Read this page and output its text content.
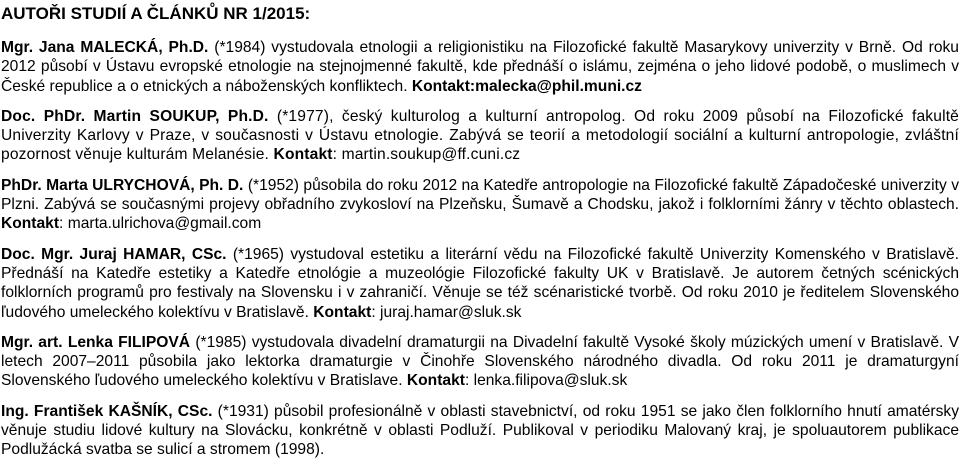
AUTOŘI STUDIÍ A ČLÁNKŮ NR 1/2015:

Mgr. Jana MALECKÁ, Ph.D. (*1984) vystudovala etnologii a religionistiku na Filozofické fakultě Masarykovy univerzity v Brně. Od roku 2012 působí v Ústavu evropské etnologie na stejnojmenné fakultě, kde přednáší o islámu, zejména o jeho lidové podobě, o muslimech v České republice a o etnických a náboženských konfliktech. Kontakt:malecka@phil.muni.cz

Doc. PhDr. Martin SOUKUP, Ph.D. (*1977), český kulturolog a kulturní antropolog. Od roku 2009 působí na Filozofické fakultě Univerzity Karlovy v Praze, v současnosti v Ústavu etnologie. Zabývá se teorií a metodologií sociální a kulturní antropologie, zvláštní pozornost věnuje kulturám Melanésie. Kontakt: martin.soukup@ff.cuni.cz

PhDr. Marta ULRYCHOVÁ, Ph. D. (*1952) působila do roku 2012 na Katedře antropologie na Filozofické fakultě Západočeské univerzity v Plzni. Zabývá se současnými projevy obřadního zvykosloví na Plzeňsku, Šumavě a Chodsku, jakož i folklorními žánry v těchto oblastech. Kontakt: marta.ulrichova@gmail.com

Doc. Mgr. Juraj HAMAR, CSc. (*1965) vystudoval estetiku a literární vědu na Filozofické fakultě Univerzity Komenského v Bratislavě. Přednáší na Katedře estetiky a Katedře etnológie a muzeológie Filozofické fakulty UK v Bratislavě. Je autorem četných scénických folklorních programů pro festivaly na Slovensku i v zahraničí. Věnuje se též scénaristické tvorbě. Od roku 2010 je ředitelem Slovenského ľudového umeleckého kolektívu v Bratislavě. Kontakt: juraj.hamar@sluk.sk

Mgr. art. Lenka FILIPOVÁ (*1985) vystudovala divadelní dramaturgii na Divadelní fakultě Vysoké školy múzických umení v Bratislavě. V letech 2007–2011 působila jako lektorka dramaturgie v Činohře Slovenského národného divadla. Od roku 2011 je dramaturgyní Slovenského ľudového umeleckého kolektívu v Bratislave. Kontakt: lenka.filipova@sluk.sk

Ing. František KAŠNÍK, CSc. (*1931) působil profesionálně v oblasti stavebnictví, od roku 1951 se jako člen folklorního hnutí amatérsky věnuje studiu lidové kultury na Slovácku, konkrétně v oblasti Podluží. Publikoval v periodiku Malovaný kraj, je spoluautorem publikace Podlužácká svatba se sulicí a stromem (1998).
